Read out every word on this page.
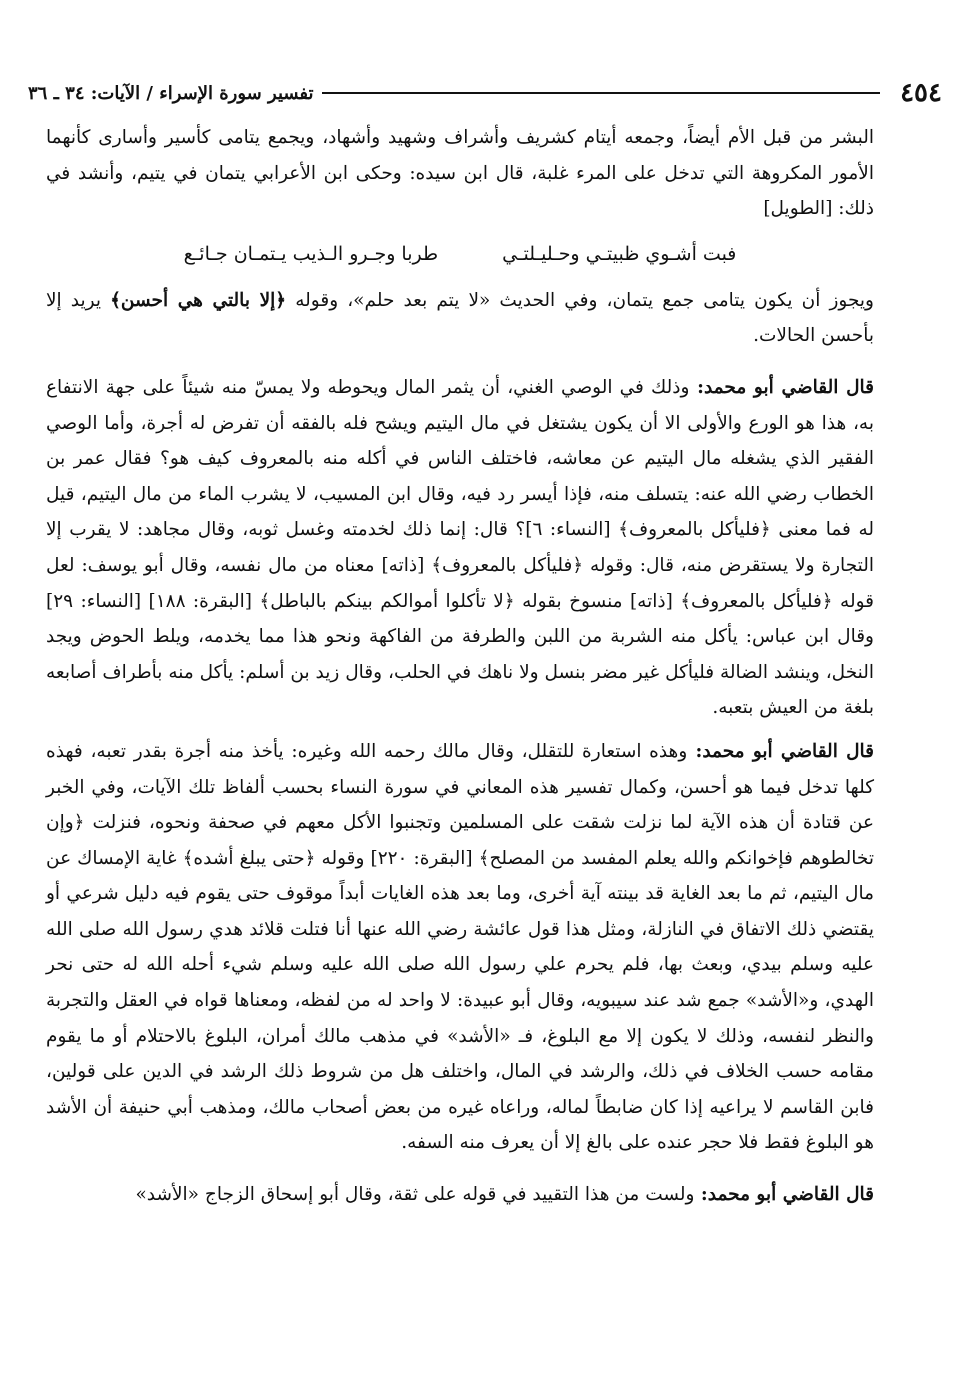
٤٥٤
تفسير سورة الإسراء / الآيات: ٣٤ ـ ٣٦

البشر من قبل الأم أيضاً، وجمعه أيتام كشريف وأشراف وشهيد وأشهاد، ويجمع يتامى كأسير وأسارى كأنهما الأمور المكروهة التي تدخل على المرء غلبة، قال ابن سيده: وحكى ابن الأعرابي يتمان في يتيم، وأنشد في ذلك: [الطويل]

فبت أشـوي ظبيتـي وحـليـلتـي
طربا وجـرو الـذيب يـتمـان جـائـع

ويجوز أن يكون يتامى جمع يتمان، وفي الحديث «لا يتم بعد حلم»، وقوله ﴿إلا بالتي هي أحسن﴾ يريد إلا بأحسن الحالات.

قال القاضي أبو محمد: وذلك في الوصي الغني، أن يثمر المال ويحوطه ولا يمسّ منه شيئاً على جهة الانتفاع به، هذا هو الورع والأولى الا أن يكون يشتغل في مال اليتيم ويشح فله بالفقه أن تفرض له أجرة، وأما الوصي الفقير الذي يشغله مال اليتيم عن معاشه، فاختلف الناس في أكله منه بالمعروف كيف هو؟ فقال عمر بن الخطاب رضي الله عنه: يتسلف منه، فإذا أيسر رد فيه، وقال ابن المسيب، لا يشرب الماء من مال اليتيم، قيل له فما معنى ﴿فليأكل بالمعروف﴾ [النساء: ٦]؟ قال: إنما ذلك لخدمته وغسل ثوبه، وقال مجاهد: لا يقرب إلا التجارة ولا يستقرض منه، قال: وقوله ﴿فليأكل بالمعروف﴾ [ذاته] معناه من مال نفسه، وقال أبو يوسف: لعل قوله ﴿فليأكل بالمعروف﴾ [ذاته] منسوخ بقوله ﴿لا تأكلوا أموالكم بينكم بالباطل﴾ [البقرة: ١٨٨] [النساء: ٢٩] وقال ابن عباس: يأكل منه الشربة من اللبن والطرفة من الفاكهة ونحو هذا مما يخدمه، ويلط الحوض ويجد النخل، وينشد الضالة فليأكل غير مضر بنسل ولا ناهك في الحلب، وقال زيد بن أسلم: يأكل منه بأطراف أصابعه بلغة من العيش بتعبه.

قال القاضي أبو محمد: وهذه استعارة للتقلل، وقال مالك رحمه الله وغيره: يأخذ منه أجرة بقدر تعبه، فهذه كلها تدخل فيما هو أحسن، وكمال تفسير هذه المعاني في سورة النساء بحسب ألفاظ تلك الآيات، وفي الخبر عن قتادة أن هذه الآية لما نزلت شقت على المسلمين وتجنبوا الأكل معهم في صحفة ونحوه، فنزلت ﴿وإن تخالطوهم فإخوانكم والله يعلم المفسد من المصلح﴾ [البقرة: ٢٢٠] وقوله ﴿حتى يبلغ أشده﴾ غاية الإمساك عن مال اليتيم، ثم ما بعد الغاية قد بينته آية أخرى، وما بعد هذه الغايات أبداً موقوف حتى يقوم فيه دليل شرعي أو يقتضي ذلك الاتفاق في النازلة، ومثل هذا قول عائشة رضي الله عنها أنا فتلت قلائد هدي رسول الله صلى الله عليه وسلم بيدي، وبعث بها، فلم يحرم علي رسول الله صلى الله عليه وسلم شيء أحله الله له حتى نحر الهدي، و«الأشد» جمع شد عند سيبويه، وقال أبو عبيدة: لا واحد له من لفظه، ومعناها قواه في العقل والتجربة والنظر لنفسه، وذلك لا يكون إلا مع البلوغ، فـ «الأشد» في مذهب مالك أمران، البلوغ بالاحتلام أو ما يقوم مقامه حسب الخلاف في ذلك، والرشد في المال، واختلف هل من شروط ذلك الرشد في الدين على قولين، فابن القاسم لا يراعيه إذا كان ضابطاً لماله، وراعاه غيره من بعض أصحاب مالك، ومذهب أبي حنيفة أن الأشد هو البلوغ فقط فلا حجر عنده على بالغ إلا أن يعرف منه السفه.

قال القاضي أبو محمد: ولست من هذا التقييد في قوله على ثقة، وقال أبو إسحاق الزجاج «الأشد»
